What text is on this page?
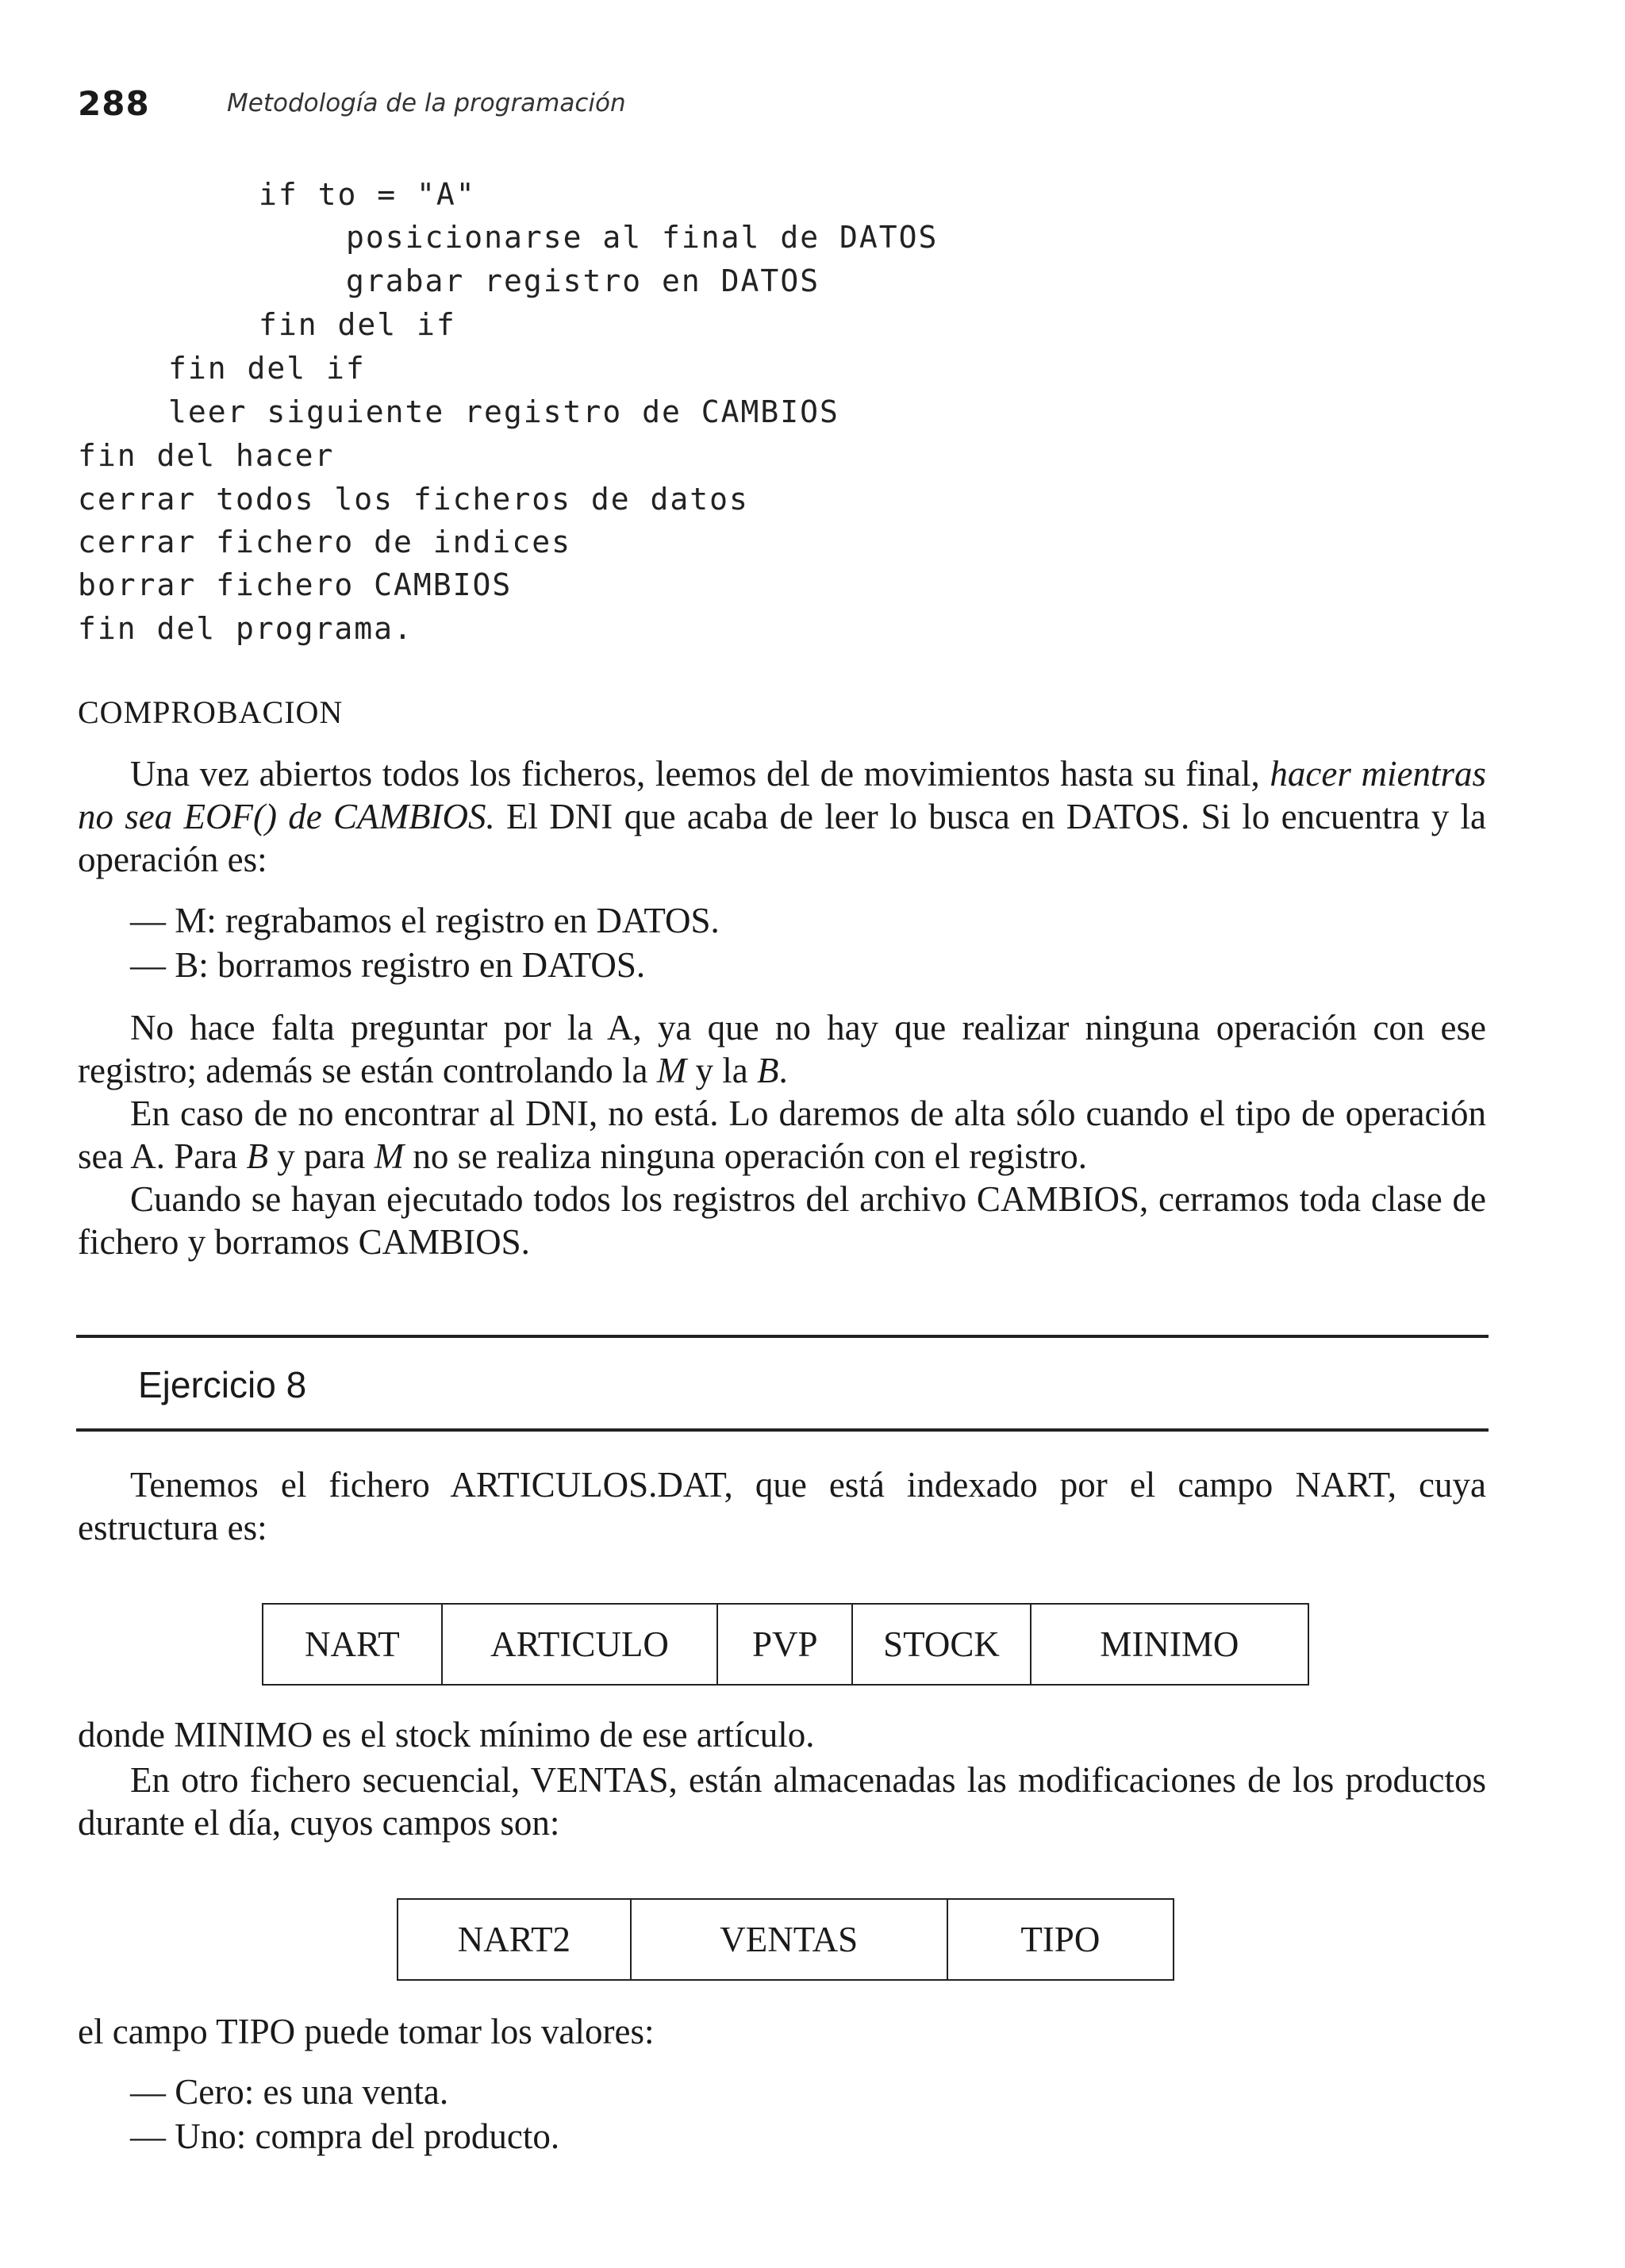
288	Metodología de la programación
if to = "A"
posicionarse al final de DATOS
grabar registro en DATOS
fin del if
fin del if
leer siguiente registro de CAMBIOS
fin del hacer
cerrar todos los ficheros de datos
cerrar fichero de indices
borrar fichero CAMBIOS
fin del programa.
COMPROBACION
Una vez abiertos todos los ficheros, leemos del de movimientos hasta su final, hacer mientras no sea EOF() de CAMBIOS. El DNI que acaba de leer lo busca en DATOS. Si lo encuentra y la operación es:
— M: regrabamos el registro en DATOS.
— B: borramos registro en DATOS.
No hace falta preguntar por la A, ya que no hay que realizar ninguna operación con ese registro; además se están controlando la M y la B.
En caso de no encontrar al DNI, no está. Lo daremos de alta sólo cuando el tipo de operación sea A. Para B y para M no se realiza ninguna operación con el registro.
Cuando se hayan ejecutado todos los registros del archivo CAMBIOS, cerramos toda clase de fichero y borramos CAMBIOS.
Ejercicio 8
Tenemos el fichero ARTICULOS.DAT, que está indexado por el campo NART, cuya estructura es:
NART	ARTICULO	PVP	STOCK	MINIMO
donde MINIMO es el stock mínimo de ese artículo.
En otro fichero secuencial, VENTAS, están almacenadas las modificaciones de los productos durante el día, cuyos campos son:
NART2	VENTAS	TIPO
el campo TIPO puede tomar los valores:
— Cero: es una venta.
— Uno: compra del producto.
